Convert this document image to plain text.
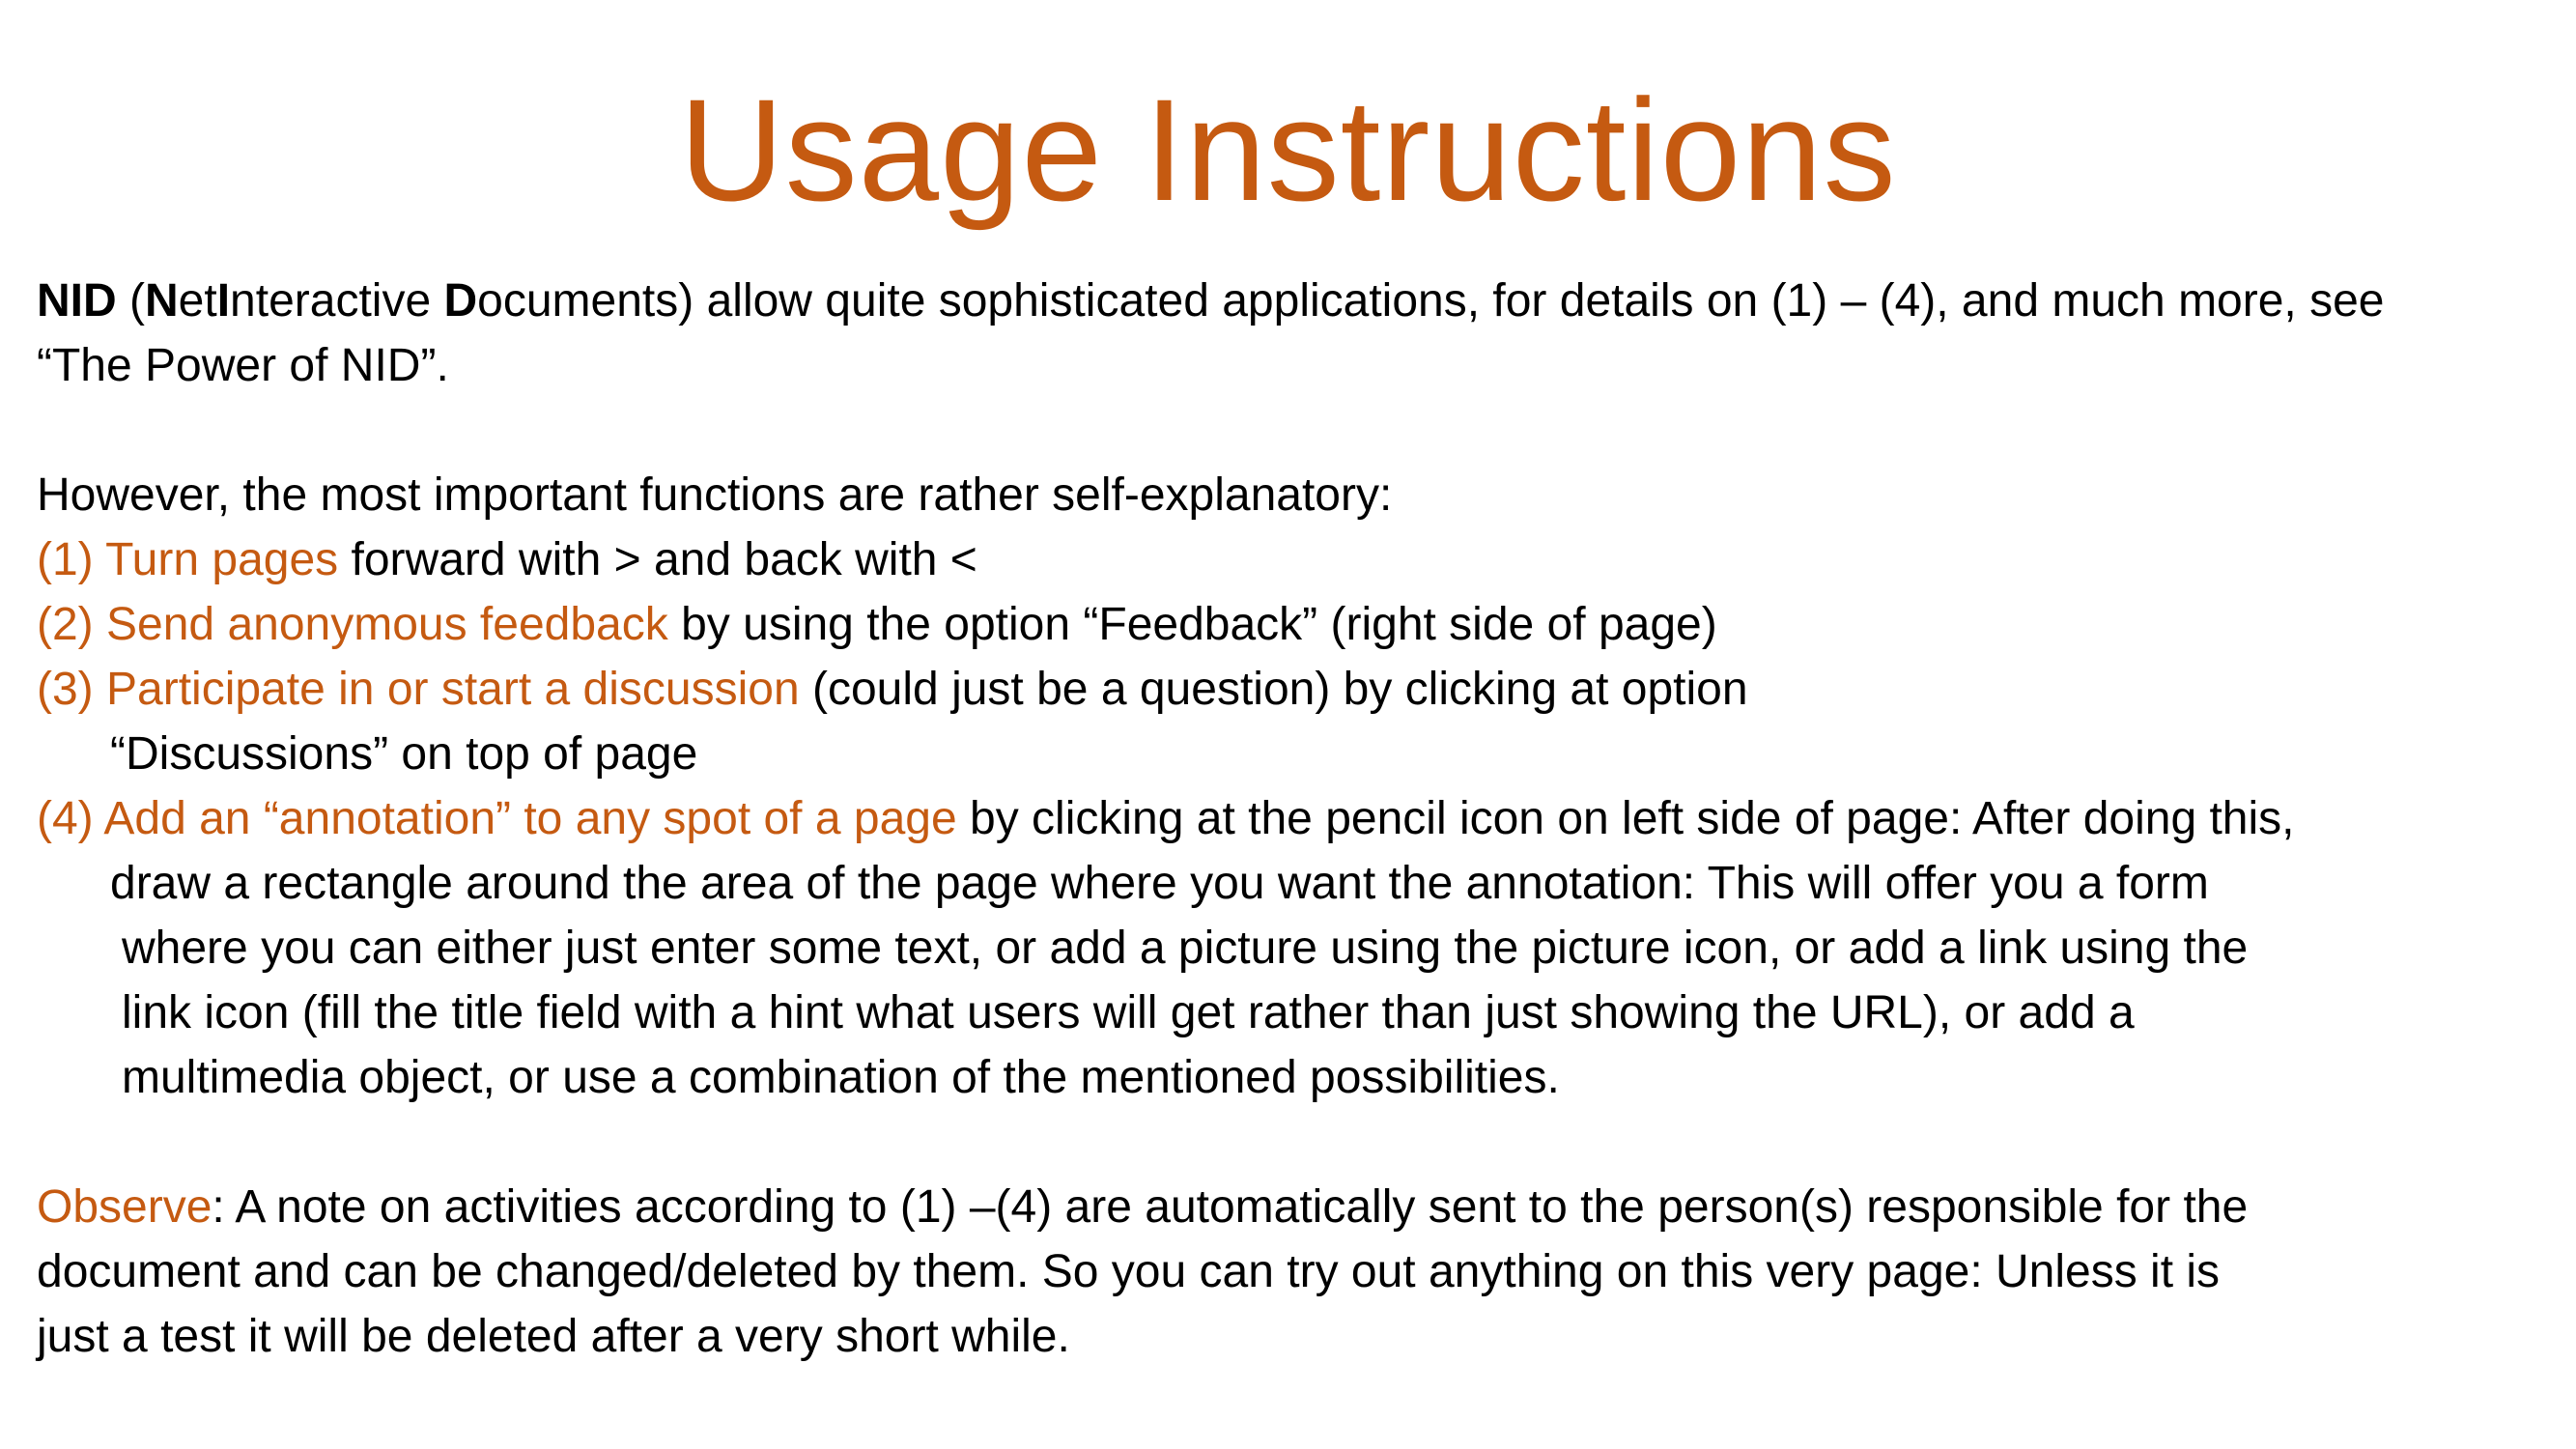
Usage Instructions
NID (NetInteractive Documents) allow quite sophisticated applications, for details on (1) – (4), and much more, see
“The Power of NID”.
However, the most important functions are rather self-explanatory:
(1) Turn pages forward with > and back with <
(2) Send anonymous feedback by using the option “Feedback” (right side of page)
(3) Participate in or start a discussion (could just be a question) by clicking at option
“Discussions” on top of page
(4) Add an “annotation” to any spot of a page by clicking at the pencil icon on left side of page: After doing this,
draw a rectangle around the area of the page where you want the annotation: This will offer you a form
where you can either just enter some text, or add a picture using the picture icon, or add a link using the
link icon (fill the title field with a hint what users will get rather than just showing the URL), or add a
multimedia object, or use a combination of the mentioned possibilities.
Observe: A note on activities according to (1) –(4) are automatically sent to the person(s) responsible for the
document and can be changed/deleted by them. So you can try out anything on this very page: Unless it is
just a test it will be deleted after a very short while.
